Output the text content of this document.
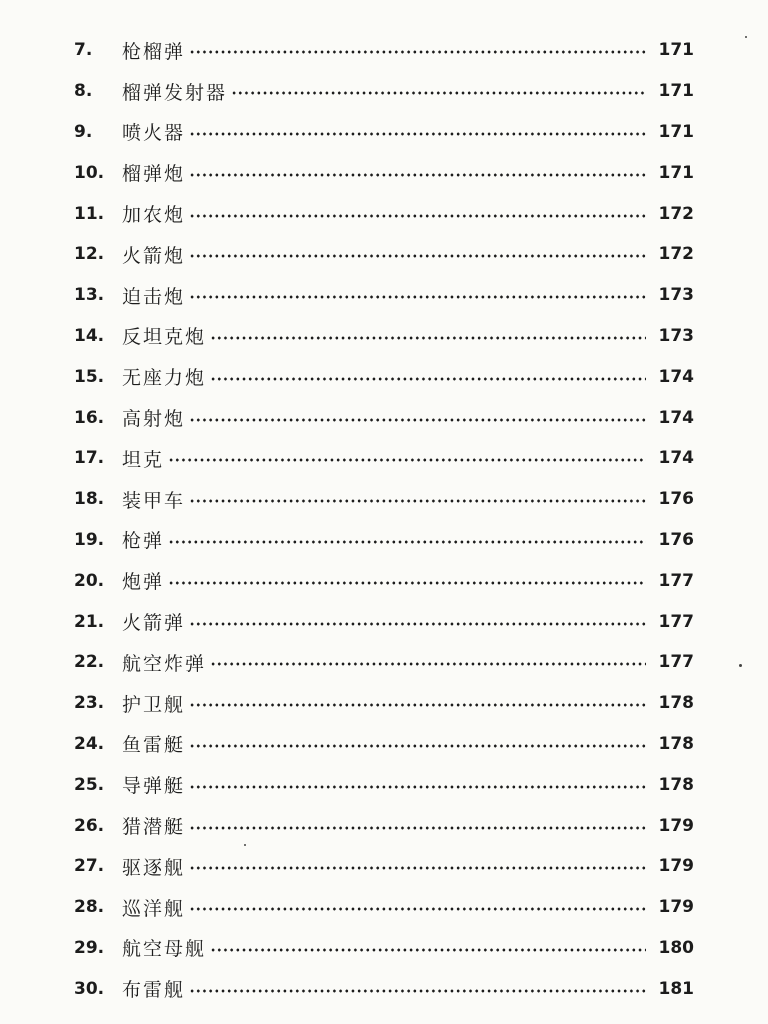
7.	枪榴弹	171
8.	榴弹发射器	171
9.	喷火器	171
10. 榴弹炮	171
11. 加农炮	172
12. 火箭炮	172
13. 迫击炮	173
14. 反坦克炮	173
15. 无座力炮	174
16. 高射炮	174
17. 坦克	174
18. 装甲车	176
19. 枪弹	176
20. 炮弹	177
21. 火箭弹	177
22. 航空炸弹	177
23. 护卫舰	178
24. 鱼雷艇	178
25. 导弹艇	178
26. 猎潜艇	179
27. 驱逐舰	179
28. 巡洋舰	179
29. 航空母舰	180
30. 布雷舰	181
